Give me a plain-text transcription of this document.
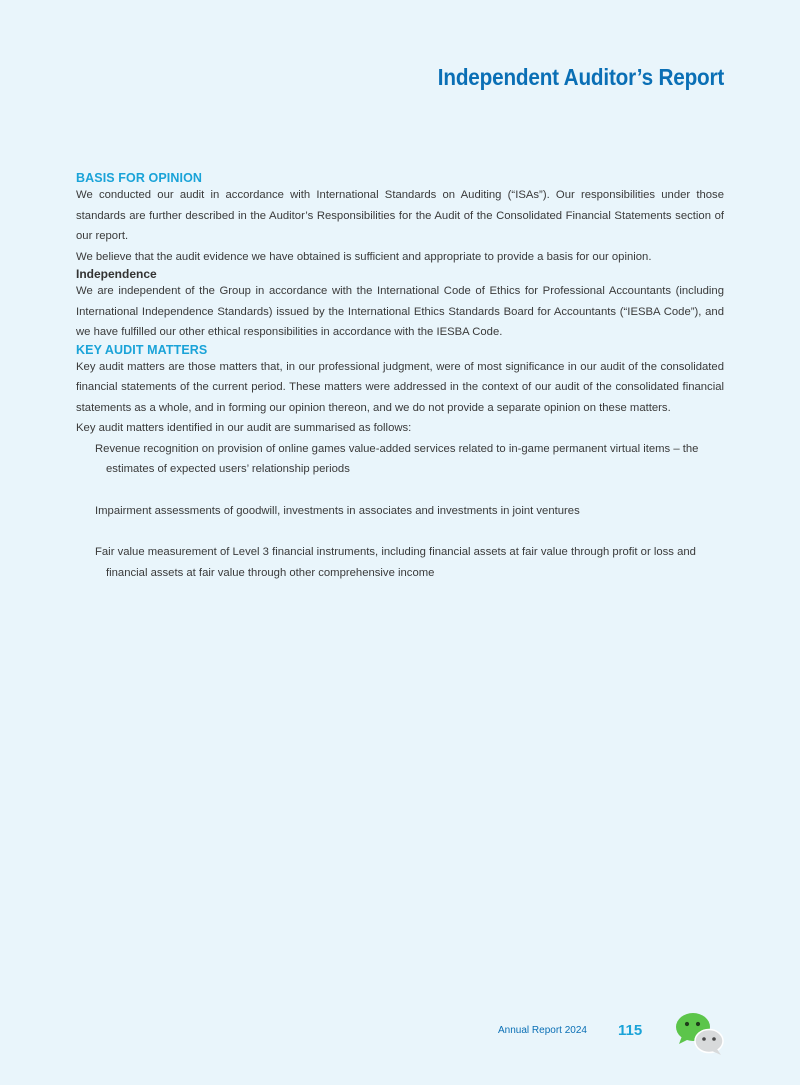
Independent Auditor’s Report
BASIS FOR OPINION

We conducted our audit in accordance with International Standards on Auditing (“ISAs”). Our responsibilities under those standards are further described in the Auditor’s Responsibilities for the Audit of the Consolidated Financial Statements section of our report.

We believe that the audit evidence we have obtained is sufficient and appropriate to provide a basis for our opinion.

Independence

We are independent of the Group in accordance with the International Code of Ethics for Professional Accountants (including International Independence Standards) issued by the International Ethics Standards Board for Accountants (“IESBA Code”), and we have fulfilled our other ethical responsibilities in accordance with the IESBA Code.

KEY AUDIT MATTERS

Key audit matters are those matters that, in our professional judgment, were of most significance in our audit of the consolidated financial statements of the current period. These matters were addressed in the context of our audit of the consolidated financial statements as a whole, and in forming our opinion thereon, and we do not provide a separate opinion on these matters.

Key audit matters identified in our audit are summarised as follows:

Revenue recognition on provision of online games value-added services related to in-game permanent virtual items – the estimates of expected users’ relationship periods
Impairment assessments of goodwill, investments in associates and investments in joint ventures
Fair value measurement of Level 3 financial instruments, including financial assets at fair value through profit or loss and financial assets at fair value through other comprehensive income
Annual Report 2024 115
